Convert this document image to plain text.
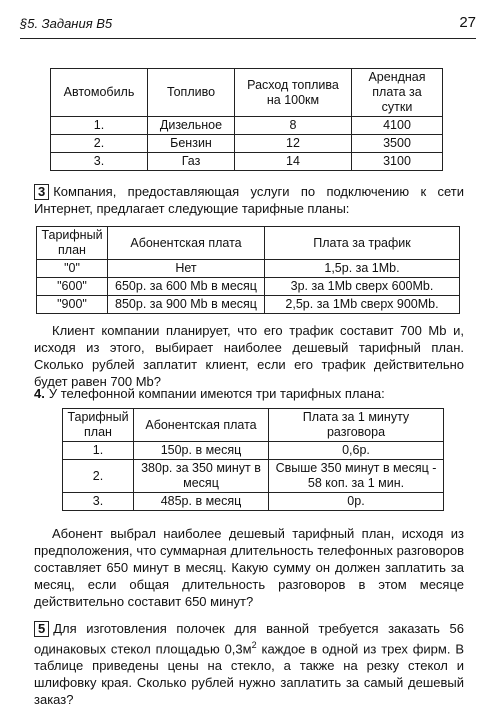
§5. Задания В5	27
Автомобиль	Топливо	Расход топлива на 100км	Арендная плата за сутки
1.	Дизельное	8	4100
2.	Бензин	12	3500
3.	Газ	14	3100

3 Компания, предоставляющая услуги по подключению к сети Интернет, предлагает следующие тарифные планы:

Тарифный план	Абонентская плата	Плата за трафик
"0"	Нет	1,5р. за 1Mb.
"600"	650р. за 600 Mb в месяц	3р. за 1Mb сверх 600Mb.
"900"	850р. за 900 Mb в месяц	2,5р. за 1Mb сверх 900Mb.
Клиент компании планирует, что его трафик составит 700 Mb и, исходя из этого, выбирает наиболее дешевый тарифный план. Сколько рублей заплатит клиент, если его трафик действительно будет равен 700 Mb?

4. У телефонной компании имеются три тарифных плана:

Тарифный план	Абонентская плата	Плата за 1 минуту разговора
1.	150р. в месяц	0,6р.
2.	380р. за 350 минут в месяц	Свыше 350 минут в месяц - 58 коп. за 1 мин.
3.	485р. в месяц	0р.
Абонент выбрал наиболее дешевый тарифный план, исходя из предположения, что суммарная длительность телефонных разговоров составляет 650 минут в месяц. Какую сумму он должен заплатить за месяц, если общая длительность разговоров в этом месяце действительно составит 650 минут?

5 Для изготовления полочек для ванной требуется заказать 56 одинаковых стекол площадью $0,3м^2$ каждое в одной из трех фирм. В таблице приведены цены на стекло, а также на резку стекол и шлифовку края. Сколько рублей нужно заплатить за самый дешевый заказ?
